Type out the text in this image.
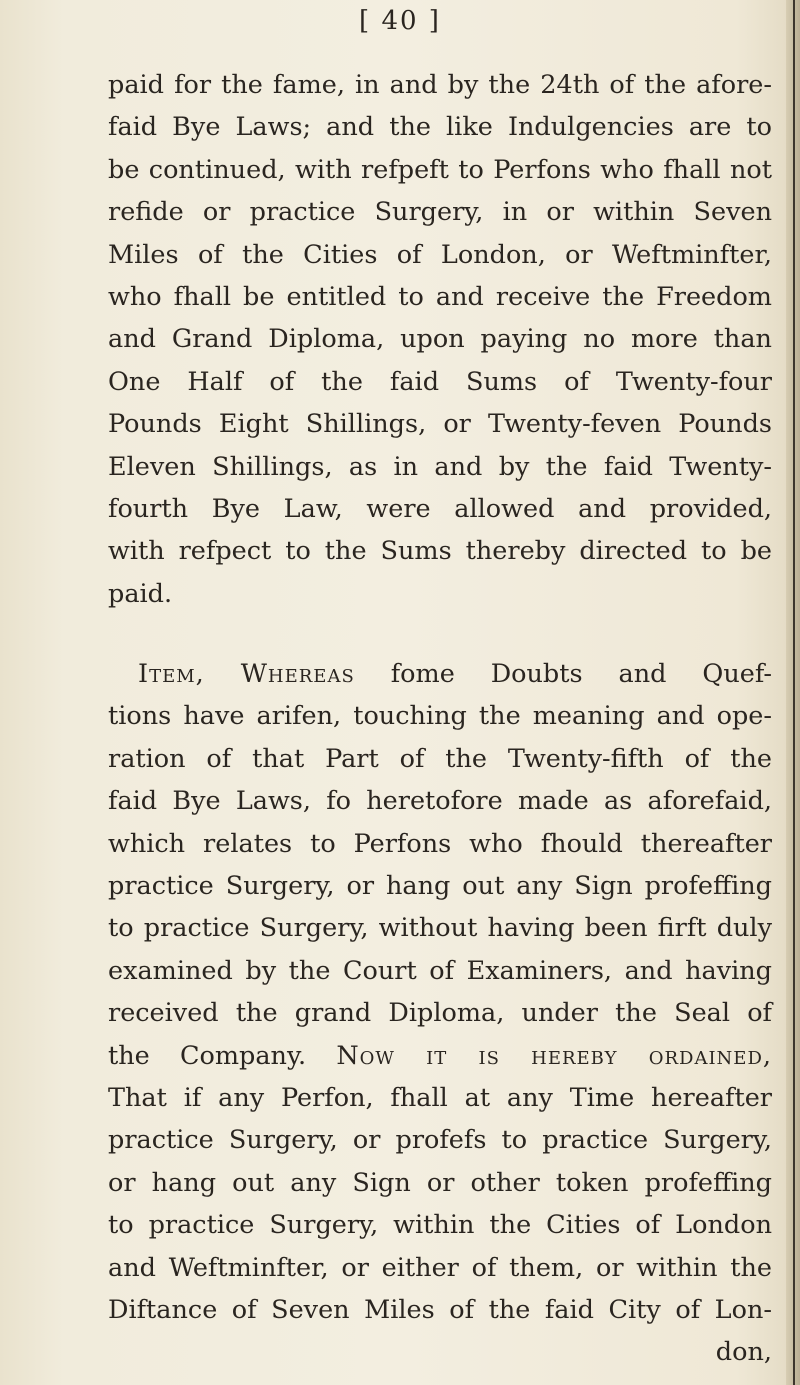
[ 40 ]
paid for the fame, in and by the 24th of the afore-
faid Bye Laws; and the like Indulgencies are to
be continued, with refpeft to Perfons who fhall not
refide or practice Surgery, in or within Seven
Miles of the Cities of London, or Weftminfter,
who fhall be entitled to and receive the Freedom
and Grand Diploma, upon paying no more than
One Half of the faid Sums of Twenty-four
Pounds Eight Shillings, or Twenty-feven Pounds
Eleven Shillings, as in and by the faid Twenty-
fourth Bye Law, were allowed and provided,
with refpect to the Sums thereby directed to be
paid.
Item, Whereas fome Doubts and Quef-
tions have arifen, touching the meaning and ope-
ration of that Part of the Twenty-fifth of the
faid Bye Laws, fo heretofore made as aforefaid,
which relates to Perfons who fhould thereafter
practice Surgery, or hang out any Sign profeffing
to practice Surgery, without having been firft duly
examined by the Court of Examiners, and having
received the grand Diploma, under the Seal of
the Company. Now it is hereby ordained,
That if any Perfon, fhall at any Time hereafter
practice Surgery, or profefs to practice Surgery,
or hang out any Sign or other token profeffing
to practice Surgery, within the Cities of London
and Weftminfter, or either of them, or within the
Diftance of Seven Miles of the faid City of Lon-
don,
